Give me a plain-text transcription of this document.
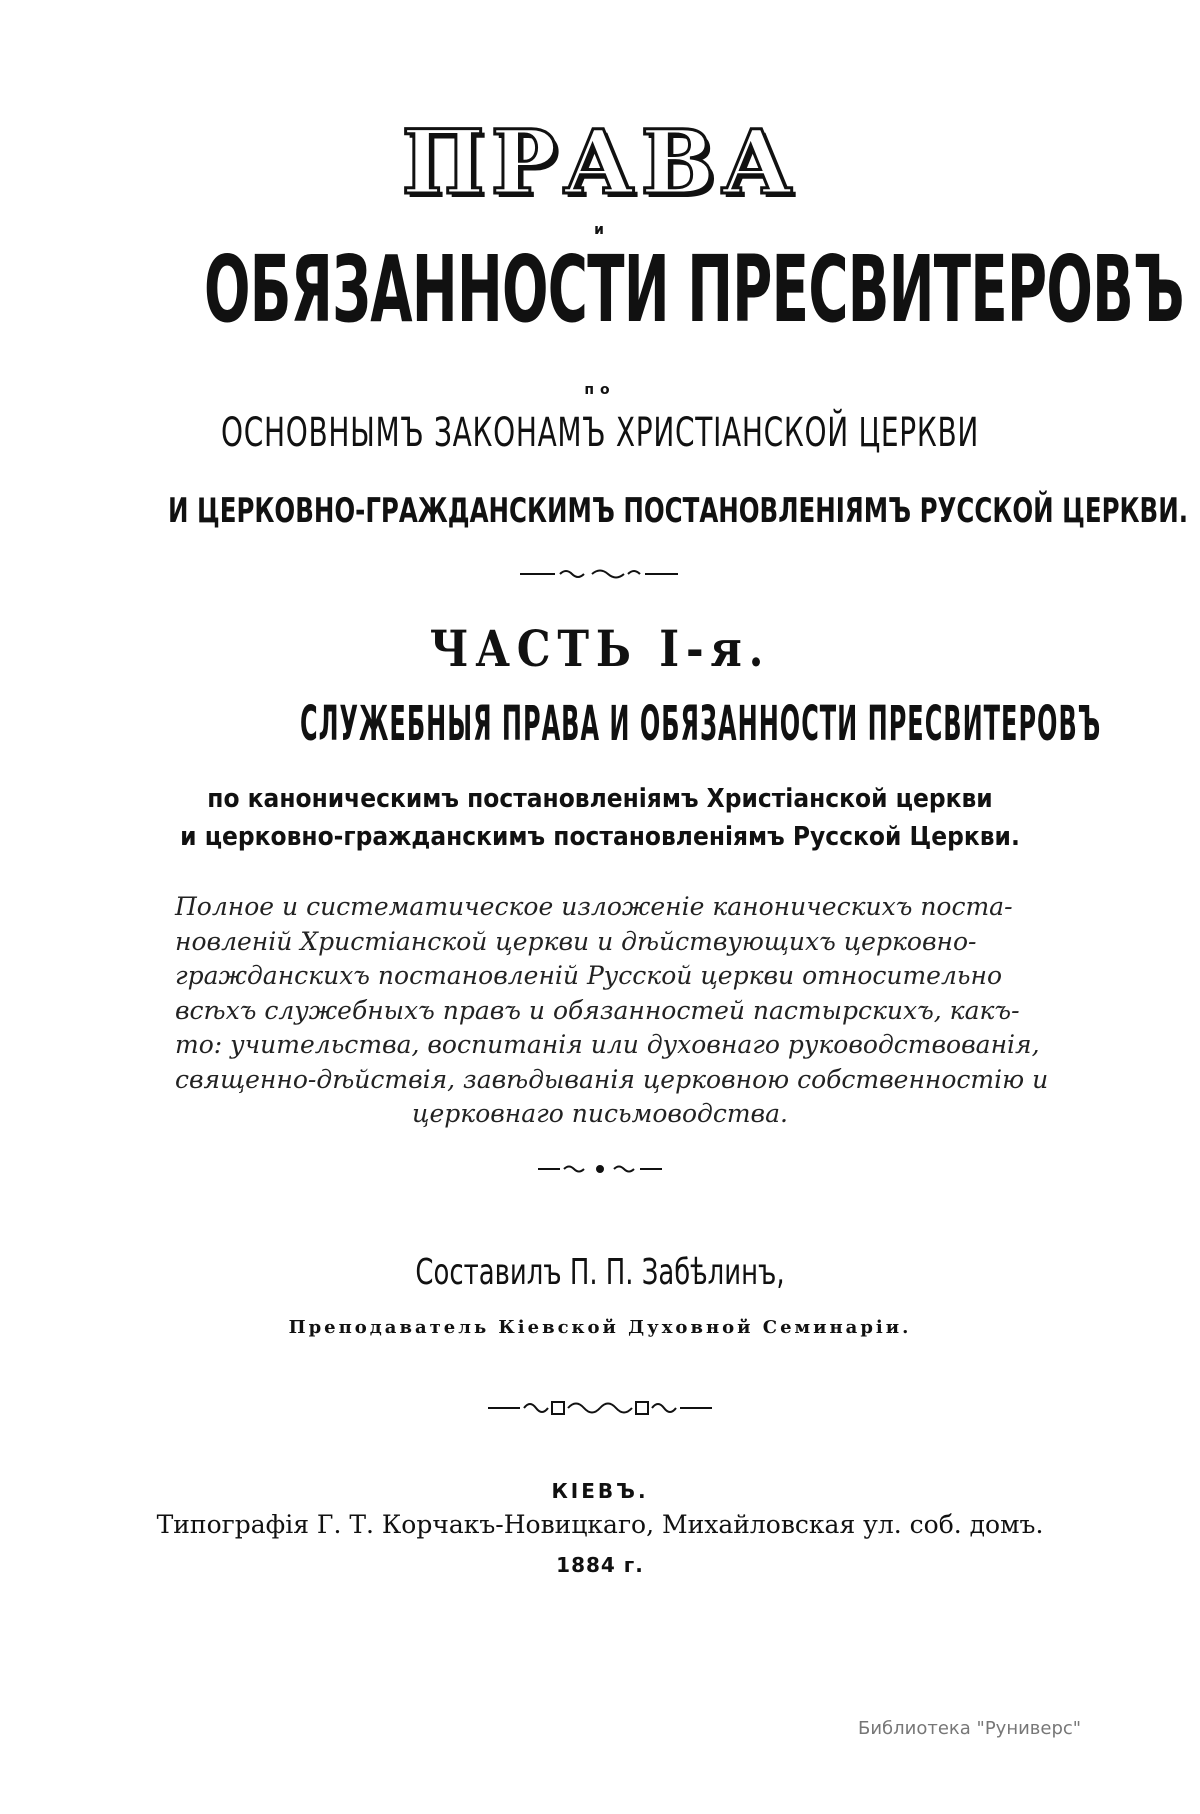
ПРАВА
и
ОБЯЗАННОСТИ ПРЕСВИТЕРОВЪ
по
ОСНОВНЫМЪ ЗАКОНАМЪ ХРИСТІАНСКОЙ ЦЕРКВИ
И ЦЕРКОВНО-ГРАЖДАНСКИМЪ ПОСТАНОВЛЕНІЯМЪ РУССКОЙ ЦЕРКВИ.
ЧАСТЬ I-я.
СЛУЖЕБНЫЯ ПРАВА И ОБЯЗАННОСТИ ПРЕСВИТЕРОВЪ
по каноническимъ постановленіямъ Христіанской церкви
и церковно-гражданскимъ постановленіямъ Русской Церкви.
Полное и систематическое изложеніе каноническихъ поста-
новленій Христіанской церкви и дѣйствующихъ церковно-
гражданскихъ постановленій Русской церкви относительно
всѣхъ служебныхъ правъ и обязанностей пастырскихъ, какъ-
то: учительства, воспитанія или духовнаго руководствованія,
священно-дѣйствія, завѣдыванія церковною собственностію и
церковнаго письмоводства.
Составилъ П. П. Забѣлинъ,
Преподаватель Кіевской Духовной Семинаріи.
КІЕВЪ.
Типографія Г. Т. Корчакъ-Новицкаго, Михайловская ул. соб. домъ.
1884 г.
Библиотека "Руниверс"
